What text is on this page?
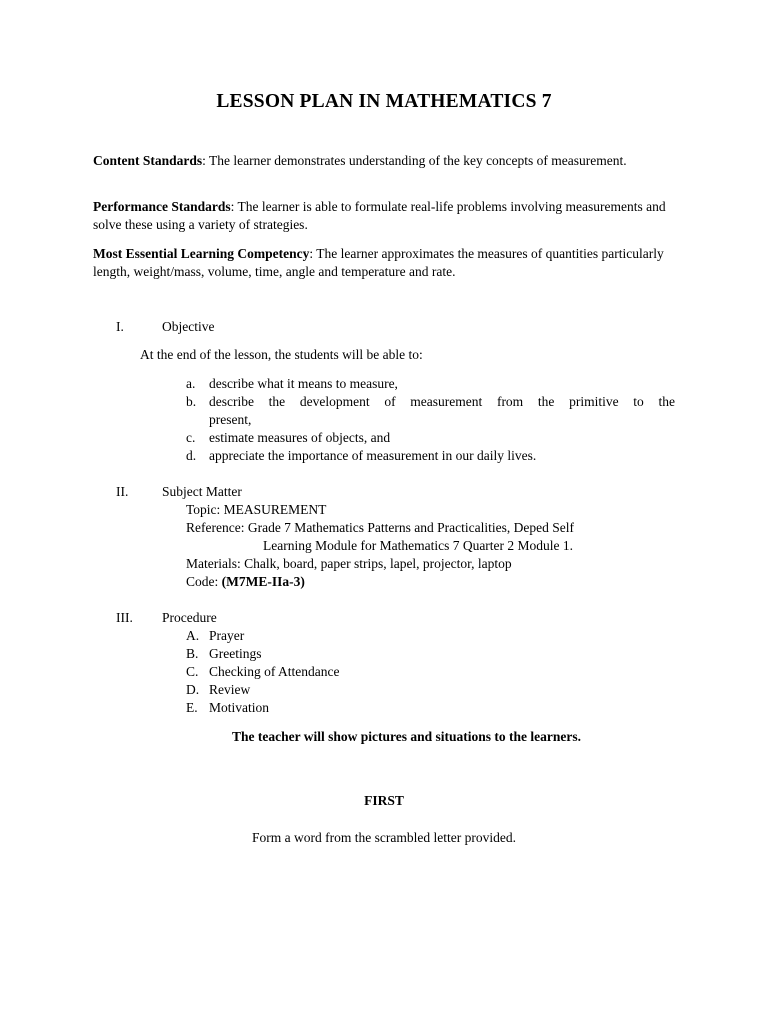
LESSON PLAN IN MATHEMATICS 7
Content Standards: The learner demonstrates understanding of the key concepts of measurement.
Performance Standards: The learner is able to formulate real-life problems involving measurements and solve these using a variety of strategies.
Most Essential Learning Competency: The learner approximates the measures of quantities particularly length, weight/mass, volume, time, angle and temperature and rate.
I.	Objective
At the end of the lesson, the students will be able to:
a.	describe what it means to measure,
b. describe the development of measurement from the primitive to the
present,
c.	estimate measures of objects, and
d. appreciate the importance of measurement in our daily lives.
II. Subject Matter
Topic: MEASUREMENT
Reference: Grade 7 Mathematics Patterns and Practicalities, Deped Self
Learning Module for Mathematics 7 Quarter 2 Module 1.
Materials: Chalk, board, paper strips, lapel, projector, laptop
Code: (M7ME-IIa-3)
III. Procedure
A. Prayer
B. Greetings
C. Checking of Attendance
D. Review
E. Motivation
The teacher will show pictures and situations to the learners.
FIRST
Form a word from the scrambled letter provided.
